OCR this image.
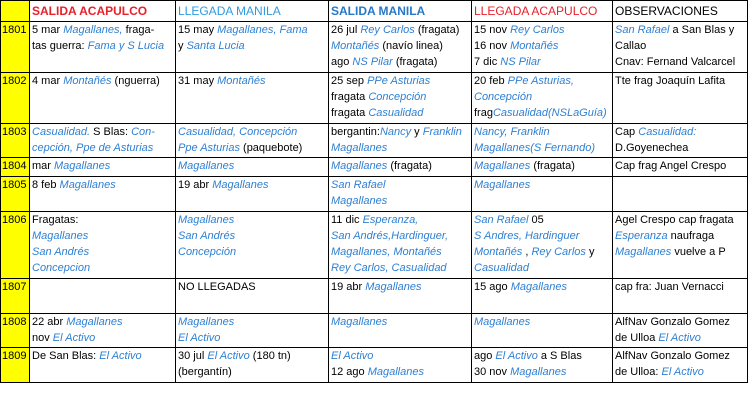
	SALIDA ACAPULCO	LLEGADA MANILA	SALIDA MANILA	LLEGADA ACAPULCO	OBSERVACIONES
1801	5 mar Magallanes, fraga-
tas guerra: Fama y S Lucia	15 may Magallanes, Fama
y Santa Lucia	26 jul Rey Carlos (fragata)
Montañés (navío linea)
ago NS Pilar (fragata)	15 nov Rey Carlos
16 nov Montañés
7 dic NS Pilar	San Rafael a San Blas y
Callao
Cnav: Fernand Valcarcel

1802	4 mar Montañés (nguerra)	31 may Montañés	25 sep PPe Asturias
fragata Concepción
fragata Casualidad	20 feb PPe Asturias,
Concepción
fragCasualidad(NSLaGuía)	Tte frag Joaquín Lafita

1803	Casualidad. S Blas: Con-
cepción, Ppe de Asturias	Casualidad, Concepción
Ppe Asturias (paquebote)	bergantin:Nancy y Franklin
Magallanes	Nancy, Franklin
Magallanes(S Fernando)	Cap Casualidad:
D.Goyenechea

1804	mar Magallanes	Magallanes	Magallanes (fragata)	Magallanes (fragata)	Cap frag Angel Crespo

1805	8 feb Magallanes	19 abr Magallanes	San Rafael
Magallanes	Magallanes	

1806	Fragatas:
Magallanes
San Andrés
Concepcion	Magallanes
San Andrés
Concepción	11 dic Esperanza,
San Andrés,Hardinguer,
Magallanes, Montañés
Rey Carlos, Casualidad	San Rafael 05
S Andres, Hardinguer
Montañés , Rey Carlos y
Casualidad	Agel Crespo cap fragata
Esperanza naufraga
Magallanes vuelve a P

1807		NO LLEGADAS	19 abr Magallanes	15 ago Magallanes	cap fra: Juan Vernacci

1808	22 abr Magallanes
nov El Activo	Magallanes
El Activo	Magallanes	Magallanes	AlfNav Gonzalo Gomez
de Ulloa El Activo

1809	De San Blas: El Activo	30 jul El Activo (180 tn)
(bergantín)	El Activo
12 ago Magallanes	ago El Activo a S Blas
30 nov Magallanes	AlfNav Gonzalo Gomez
de Ulloa: El Activo
